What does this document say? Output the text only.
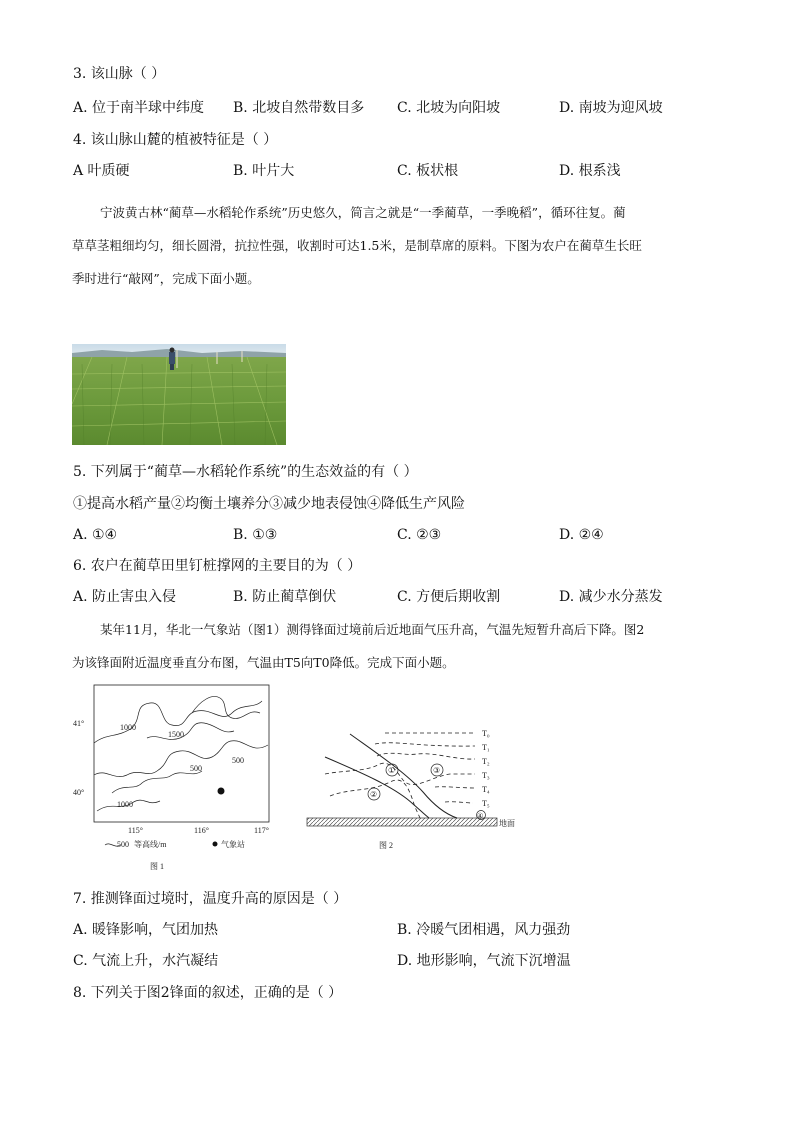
3. 该山脉（ ）
A. 位于南半球中纬度 B. 北坡自然带数目多 C. 北坡为向阳坡	D. 南坡为迎风坡
4. 该山脉山麓的植被特征是（ ）
A 叶质硬	B. 叶片大	C. 板状根	D. 根系浅
宁波黄古林“蔺草—水稻轮作系统”历史悠久，简言之就是“一季蔺草，一季晚稻”，循环往复。蔺
草草茎粗细均匀，细长圆滑，抗拉性强，收割时可达1.5米，是制草席的原料。下图为农户在蔺草生长旺
季时进行“敲网”，完成下面小题。
5. 下列属于“蔺草—水稻轮作系统”的生态效益的有（ ）
①提高水稻产量②均衡土壤养分③减少地表侵蚀④降低生产风险
A. ①④	B. ①③	C. ②③	D. ②④
6. 农户在蔺草田里钉桩撑网的主要目的为（ ）
A. 防止害虫入侵	B. 防止蔺草倒伏	C. 方便后期收割	D. 减少水分蒸发
某年11月，华北一气象站（图1）测得锋面过境前后近地面气压升高，气温先短暂升高后下降。图2
为该锋面附近温度垂直分布图，气温由T5向T0降低。完成下面小题。
1000
1500
500
500
1000
41°
40°
115°	116°	117°
500 等高线/m	气象站
图 1
①
②
③
④
T₀
T₁
T₂
T₃
T₄
T₅
地面
图 2
7. 推测锋面过境时，温度升高的原因是（ ）
A. 暖锋影响，气团加热	B. 冷暖气团相遇，风力强劲
C. 气流上升，水汽凝结	D. 地形影响，气流下沉增温
8. 下列关于图2锋面的叙述，正确的是（ ）
